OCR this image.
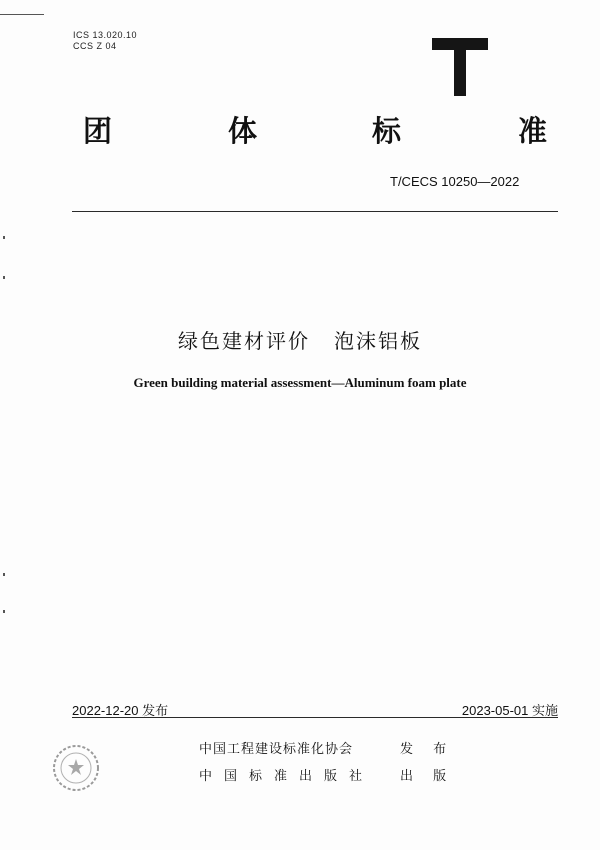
ICS 13.020.10
CCS Z 04
团	体	标	准
T/CECS 10250—2022
绿色建材评价 泡沫铝板
Green building material assessment—Aluminum foam plate
2022-12-20 发布	2023-05-01 实施
中国工程建设标准化协会	发 布
中国标准出版社 出 版
